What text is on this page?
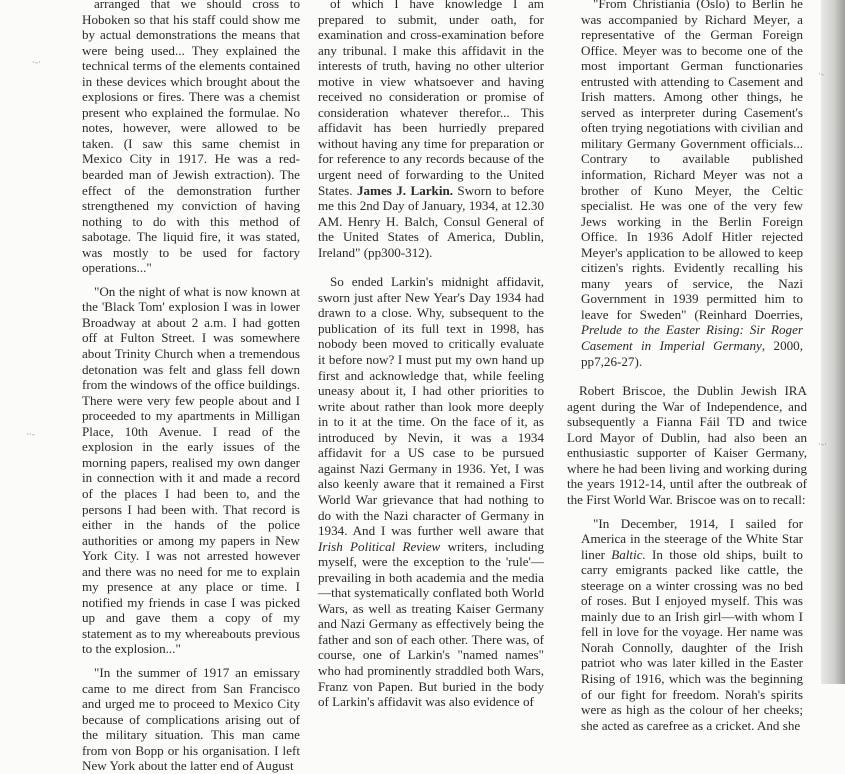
arranged that we should cross to Hoboken so that his staff could show me by actual demonstrations the means that were being used... They explained the technical terms of the elements contained in these devices which brought about the explosions or fires. There was a chemist present who explained the formulae. No notes, however, were allowed to be taken. (I saw this same chemist in Mexico City in 1917. He was a red-bearded man of Jewish extraction). The effect of the demonstration further strengthened my conviction of having nothing to do with this method of sabotage. The liquid fire, it was stated, was mostly to be used for factory operations..."

"On the night of what is now known at the 'Black Tom' explosion I was in lower Broadway at about 2 a.m. I had gotten off at Fulton Street. I was somewhere about Trinity Church when a tremendous detonation was felt and glass fell down from the windows of the office buildings. There were very few people about and I proceeded to my apartments in Milligan Place, 10th Avenue. I read of the explosion in the early issues of the morning papers, realised my own danger in connection with it and made a record of the places I had been to, and the persons I had been with. That record is either in the hands of the police authorities or among my papers in New York City. I was not arrested however and there was no need for me to explain my presence at any place or time. I notified my friends in case I was picked up and gave them a copy of my statement as to my whereabouts previous to the explosion..."

"In the summer of 1917 an emissary came to me direct from San Francisco and urged me to proceed to Mexico City because of complications arising out of the military situation. This man came from von Bopp or his organisation. I left New York about the latter end of August

of which I have knowledge I am prepared to submit, under oath, for examination and cross-examination before any tribunal. I make this affidavit in the interests of truth, having no other ulterior motive in view whatsoever and having received no consideration or promise of consideration whatever therefor... This affidavit has been hurriedly prepared without having any time for preparation or for reference to any records because of the urgent need of forwarding to the United States. James J. Larkin. Sworn to before me this 2nd Day of January, 1934, at 12.30 AM. Henry H. Balch, Consul General of the United States of America, Dublin, Ireland" (pp300-312).

So ended Larkin's midnight affidavit, sworn just after New Year's Day 1934 had drawn to a close. Why, subsequent to the publication of its full text in 1998, has nobody been moved to critically evaluate it before now? I must put my own hand up first and acknowledge that, while feeling uneasy about it, I had other priorities to write about rather than look more deeply in to it at the time. On the face of it, as introduced by Nevin, it was a 1934 affidavit for a US case to be pursued against Nazi Germany in 1936. Yet, I was also keenly aware that it remained a First World War grievance that had nothing to do with the Nazi character of Germany in 1934. And I was further well aware that Irish Political Review writers, including myself, were the exception to the 'rule'—prevailing in both academia and the media—that systematically conflated both World Wars, as well as treating Kaiser Germany and Nazi Germany as effectively being the father and son of each other. There was, of course, one of Larkin's "named names" who had prominently straddled both Wars, Franz von Papen. But buried in the body of Larkin's affidavit was also evidence of

"From Christiania (Oslo) to Berlin he was accompanied by Richard Meyer, a representative of the German Foreign Office. Meyer was to become one of the most important German functionaries entrusted with attending to Casement and Irish matters. Among other things, he served as interpreter during Casement's often trying negotiations with civilian and military Germany Government officials... Contrary to available published information, Richard Meyer was not a brother of Kuno Meyer, the Celtic specialist. He was one of the very few Jews working in the Berlin Foreign Office. In 1936 Adolf Hitler rejected Meyer's application to be allowed to keep citizen's rights. Evidently recalling his many years of service, the Nazi Government in 1939 permitted him to leave for Sweden" (Reinhard Doerries, Prelude to the Easter Rising: Sir Roger Casement in Imperial Germany, 2000, pp7,26-27).

Robert Briscoe, the Dublin Jewish IRA agent during the War of Independence, and subsequently a Fianna Fáil TD and twice Lord Mayor of Dublin, had also been an enthusiastic supporter of Kaiser Germany, where he had been living and working during the years 1912-14, until after the outbreak of the First World War. Briscoe was on to recall:

"In December, 1914, I sailed for America in the steerage of the White Star liner Baltic. In those old ships, built to carry emigrants packed like cattle, the steerage on a winter crossing was no bed of roses. But I enjoyed myself. This was mainly due to an Irish girl—with whom I fell in love for the voyage. Her name was Norah Connolly, daughter of the Irish patriot who was later killed in the Easter Rising of 1916, which was the beginning of our fight for freedom. Norah's spirits were as high as the colour of her cheeks; she acted as carefree as a cricket. And she

·-·
··-
·-
·-·
